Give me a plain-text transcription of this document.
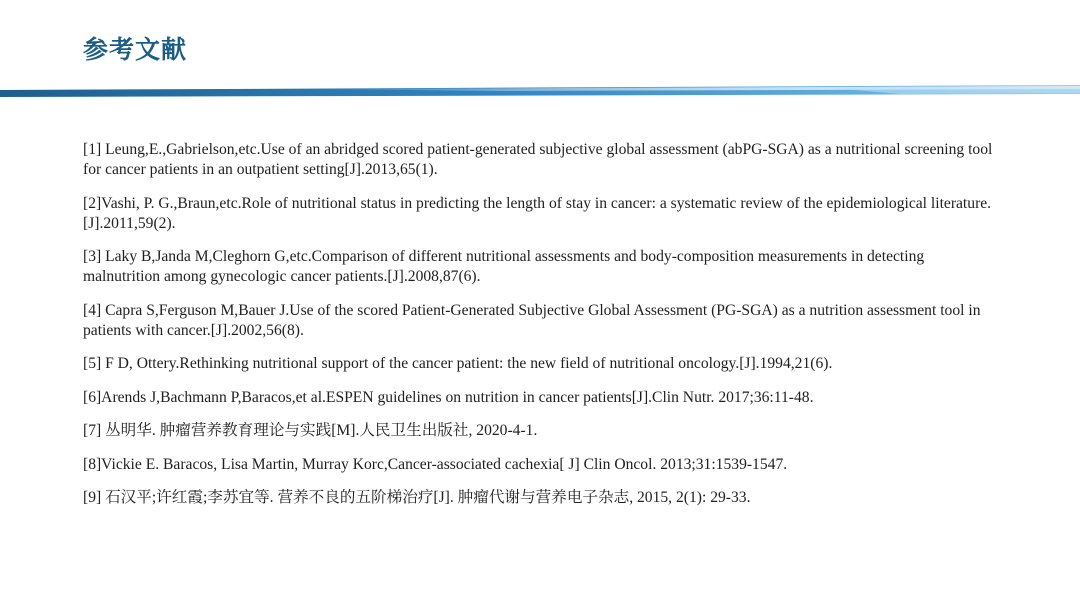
参考文献

[1] Leung,E.,Gabrielson,etc.Use of an abridged scored patient-generated subjective global assessment (abPG-SGA) as a nutritional screening tool for cancer patients in an outpatient setting[J].2013,65(1).

[2]Vashi, P. G.,Braun,etc.Role of nutritional status in predicting the length of stay in cancer: a systematic review of the epidemiological literature.[J].2011,59(2).

[3] Laky B,Janda M,Cleghorn G,etc.Comparison of different nutritional assessments and body-composition measurements in detecting malnutrition among gynecologic cancer patients.[J].2008,87(6).

[4] Capra S,Ferguson M,Bauer J.Use of the scored Patient-Generated Subjective Global Assessment (PG-SGA) as a nutrition assessment tool in patients with cancer.[J].2002,56(8).

[5] F D, Ottery.Rethinking nutritional support of the cancer patient: the new field of nutritional oncology.[J].1994,21(6).

[6]Arends J,Bachmann P,Baracos,et al.ESPEN guidelines on nutrition in cancer patients[J].Clin Nutr. 2017;36:11-48.

[7] 丛明华. 肿瘤营养教育理论与实践[M].人民卫生出版社, 2020-4-1.

[8]Vickie E. Baracos, Lisa Martin, Murray Korc,Cancer-associated cachexia[ J] Clin Oncol. 2013;31:1539-1547.

[9] 石汉平;许红霞;李苏宜等. 营养不良的五阶梯治疗[J]. 肿瘤代谢与营养电子杂志, 2015, 2(1): 29-33.
